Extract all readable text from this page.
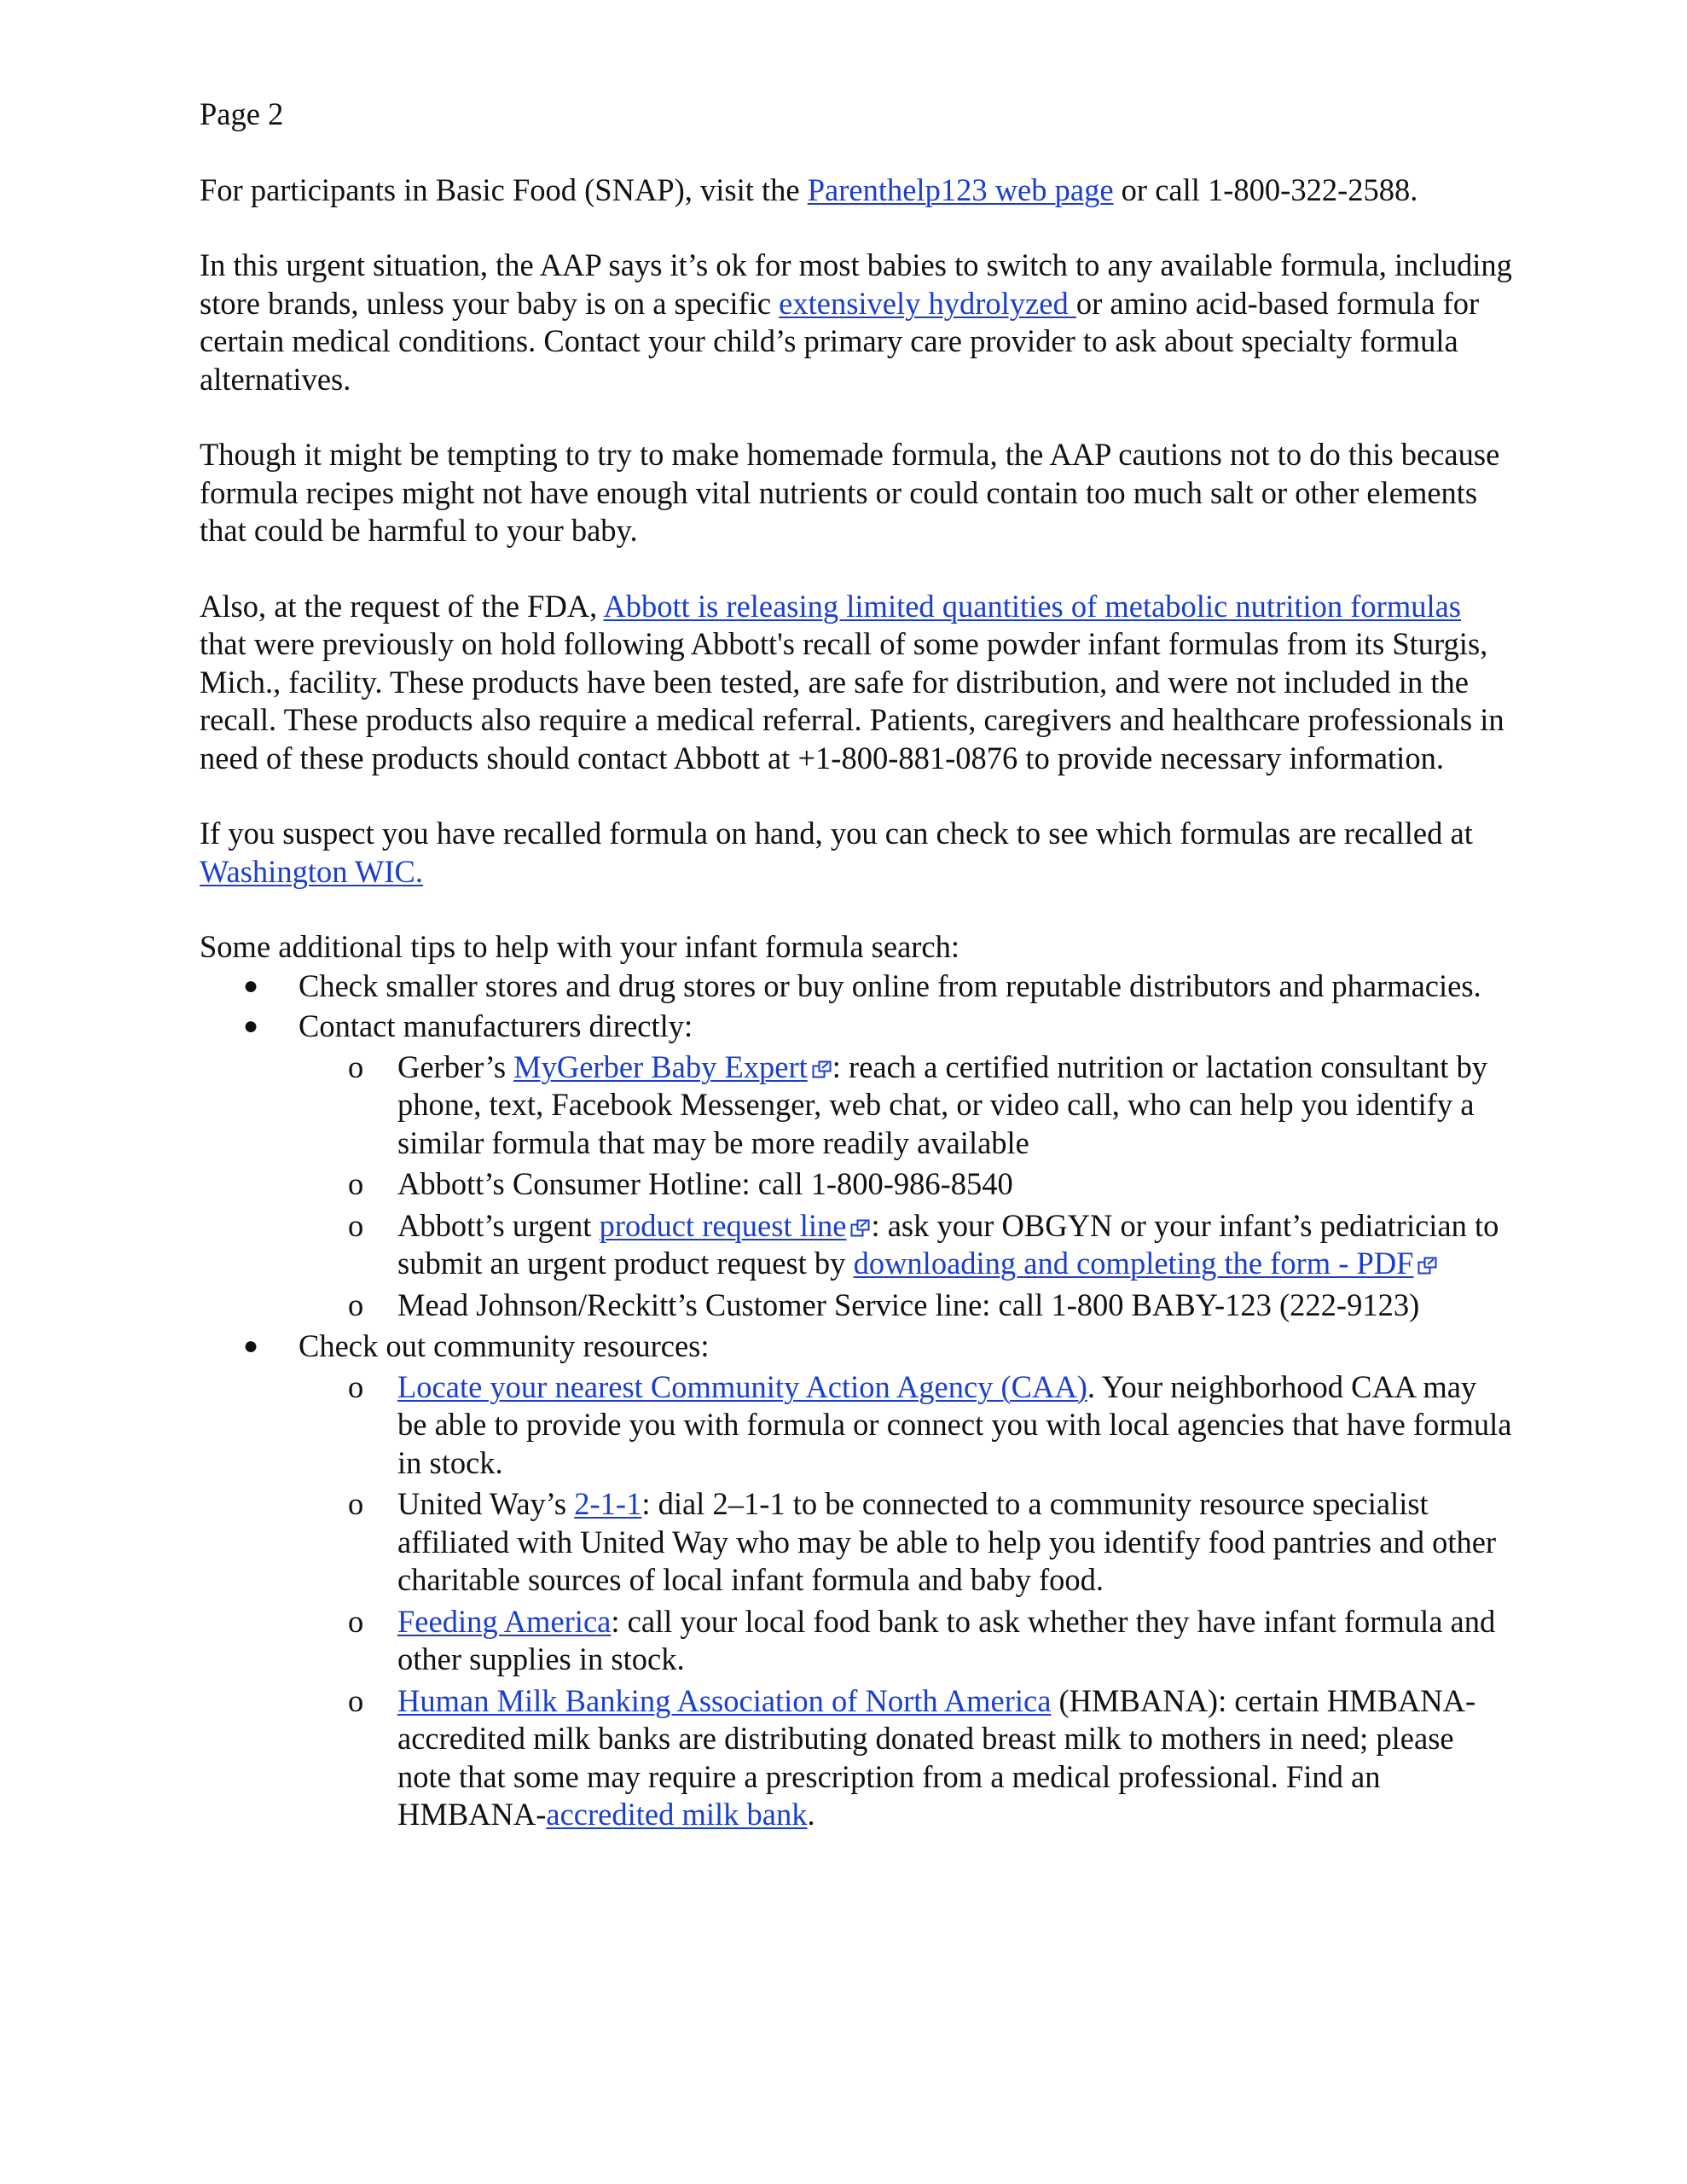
Page 2

For participants in Basic Food (SNAP), visit the Parenthelp123 web page or call 1-800-322-2588.

In this urgent situation, the AAP says it’s ok for most babies to switch to any available formula, including store brands, unless your baby is on a specific extensively hydrolyzed or amino acid-based formula for certain medical conditions. Contact your child’s primary care provider to ask about specialty formula alternatives.

Though it might be tempting to try to make homemade formula, the AAP cautions not to do this because formula recipes might not have enough vital nutrients or could contain too much salt or other elements that could be harmful to your baby.

Also, at the request of the FDA, Abbott is releasing limited quantities of metabolic nutrition formulas that were previously on hold following Abbott's recall of some powder infant formulas from its Sturgis, Mich., facility. These products have been tested, are safe for distribution, and were not included in the recall. These products also require a medical referral. Patients, caregivers and healthcare professionals in need of these products should contact Abbott at +1-800-881-0876 to provide necessary information.

If you suspect you have recalled formula on hand, you can check to see which formulas are recalled at Washington WIC.

Some additional tips to help with your infant formula search:
● Check smaller stores and drug stores or buy online from reputable distributors and pharmacies.
● Contact manufacturers directly:
o Gerber’s MyGerber Baby Expert : reach a certified nutrition or lactation consultant by phone, text, Facebook Messenger, web chat, or video call, who can help you identify a similar formula that may be more readily available
o Abbott’s Consumer Hotline: call 1-800-986-8540
o Abbott’s urgent product request line : ask your OBGYN or your infant’s pediatrician to submit an urgent product request by downloading and completing the form - PDF
o Mead Johnson/Reckitt’s Customer Service line: call 1-800 BABY-123 (222-9123)
● Check out community resources:
o Locate your nearest Community Action Agency (CAA). Your neighborhood CAA may be able to provide you with formula or connect you with local agencies that have formula in stock.
o United Way’s 2-1-1: dial 2–1-1 to be connected to a community resource specialist affiliated with United Way who may be able to help you identify food pantries and other charitable sources of local infant formula and baby food.
o Feeding America: call your local food bank to ask whether they have infant formula and other supplies in stock.
o Human Milk Banking Association of North America (HMBANA): certain HMBANA-accredited milk banks are distributing donated breast milk to mothers in need; please note that some may require a prescription from a medical professional. Find an HMBANA-accredited milk bank.
